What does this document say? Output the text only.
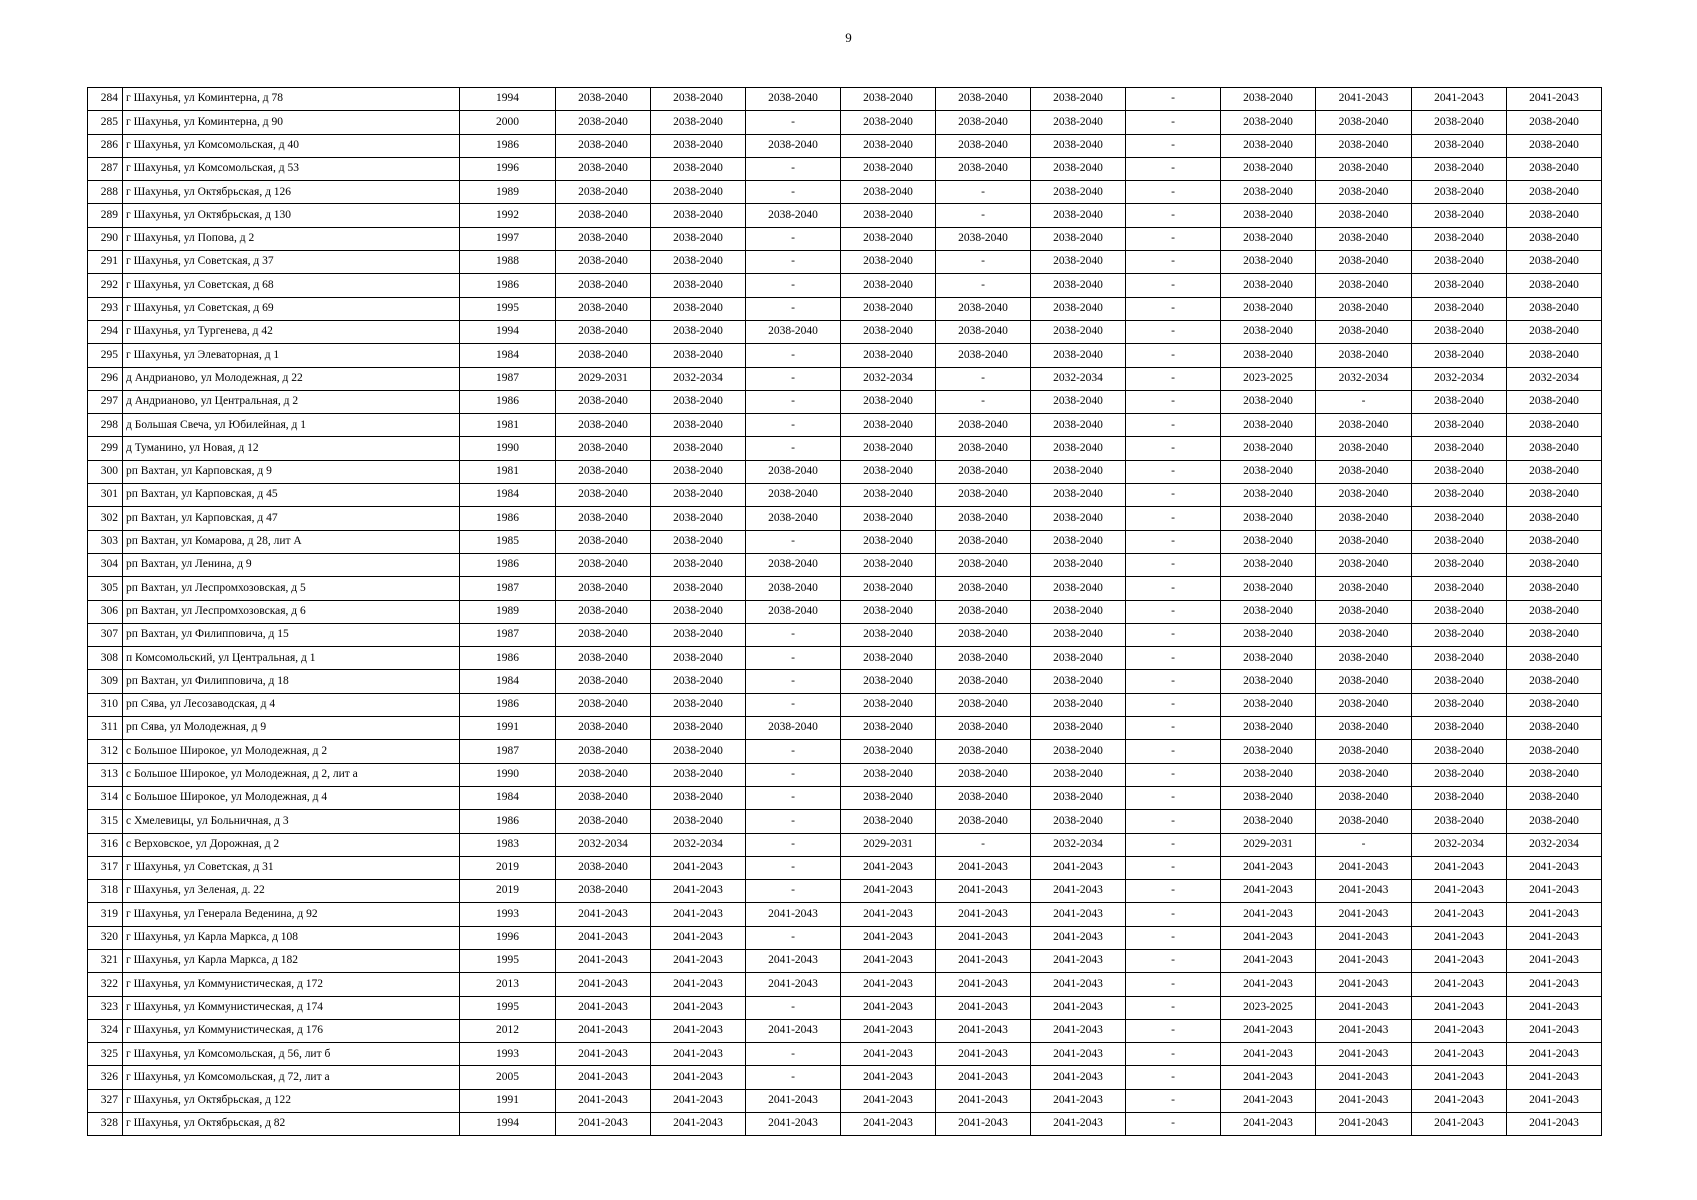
9
284	г Шахунья, ул Коминтерна, д 78	1994	2038-2040	2038-2040	2038-2040	2038-2040	2038-2040	2038-2040	-	2038-2040	2041-2043	2041-2043	2041-2043
285	г Шахунья, ул Коминтерна, д 90	2000	2038-2040	2038-2040	-	2038-2040	2038-2040	2038-2040	-	2038-2040	2038-2040	2038-2040	2038-2040
286	г Шахунья, ул Комсомольская, д 40	1986	2038-2040	2038-2040	2038-2040	2038-2040	2038-2040	2038-2040	-	2038-2040	2038-2040	2038-2040	2038-2040
287	г Шахунья, ул Комсомольская, д 53	1996	2038-2040	2038-2040	-	2038-2040	2038-2040	2038-2040	-	2038-2040	2038-2040	2038-2040	2038-2040
288	г Шахунья, ул Октябрьская, д 126	1989	2038-2040	2038-2040	-	2038-2040	-	2038-2040	-	2038-2040	2038-2040	2038-2040	2038-2040
289	г Шахунья, ул Октябрьская, д 130	1992	2038-2040	2038-2040	2038-2040	2038-2040	-	2038-2040	-	2038-2040	2038-2040	2038-2040	2038-2040
290	г Шахунья, ул Попова, д 2	1997	2038-2040	2038-2040	-	2038-2040	2038-2040	2038-2040	-	2038-2040	2038-2040	2038-2040	2038-2040
291	г Шахунья, ул Советская, д 37	1988	2038-2040	2038-2040	-	2038-2040	-	2038-2040	-	2038-2040	2038-2040	2038-2040	2038-2040
292	г Шахунья, ул Советская, д 68	1986	2038-2040	2038-2040	-	2038-2040	-	2038-2040	-	2038-2040	2038-2040	2038-2040	2038-2040
293	г Шахунья, ул Советская, д 69	1995	2038-2040	2038-2040	-	2038-2040	2038-2040	2038-2040	-	2038-2040	2038-2040	2038-2040	2038-2040
294	г Шахунья, ул Тургенева, д 42	1994	2038-2040	2038-2040	2038-2040	2038-2040	2038-2040	2038-2040	-	2038-2040	2038-2040	2038-2040	2038-2040
295	г Шахунья, ул Элеваторная, д 1	1984	2038-2040	2038-2040	-	2038-2040	2038-2040	2038-2040	-	2038-2040	2038-2040	2038-2040	2038-2040
296	д Андрианово, ул Молодежная, д 22	1987	2029-2031	2032-2034	-	2032-2034	-	2032-2034	-	2023-2025	2032-2034	2032-2034	2032-2034
297	д Андрианово, ул Центральная, д 2	1986	2038-2040	2038-2040	-	2038-2040	-	2038-2040	-	2038-2040	-	2038-2040	2038-2040
298	д Большая Свеча, ул Юбилейная, д 1	1981	2038-2040	2038-2040	-	2038-2040	2038-2040	2038-2040	-	2038-2040	2038-2040	2038-2040	2038-2040
299	д Туманино, ул Новая, д 12	1990	2038-2040	2038-2040	-	2038-2040	2038-2040	2038-2040	-	2038-2040	2038-2040	2038-2040	2038-2040
300	рп Вахтан, ул Карповская, д 9	1981	2038-2040	2038-2040	2038-2040	2038-2040	2038-2040	2038-2040	-	2038-2040	2038-2040	2038-2040	2038-2040
301	рп Вахтан, ул Карповская, д 45	1984	2038-2040	2038-2040	2038-2040	2038-2040	2038-2040	2038-2040	-	2038-2040	2038-2040	2038-2040	2038-2040
302	рп Вахтан, ул Карповская, д 47	1986	2038-2040	2038-2040	2038-2040	2038-2040	2038-2040	2038-2040	-	2038-2040	2038-2040	2038-2040	2038-2040
303	рп Вахтан, ул Комарова, д 28, лит А	1985	2038-2040	2038-2040	-	2038-2040	2038-2040	2038-2040	-	2038-2040	2038-2040	2038-2040	2038-2040
304	рп Вахтан, ул Ленина, д 9	1986	2038-2040	2038-2040	2038-2040	2038-2040	2038-2040	2038-2040	-	2038-2040	2038-2040	2038-2040	2038-2040
305	рп Вахтан, ул Леспромхозовская, д 5	1987	2038-2040	2038-2040	2038-2040	2038-2040	2038-2040	2038-2040	-	2038-2040	2038-2040	2038-2040	2038-2040
306	рп Вахтан, ул Леспромхозовская, д 6	1989	2038-2040	2038-2040	2038-2040	2038-2040	2038-2040	2038-2040	-	2038-2040	2038-2040	2038-2040	2038-2040
307	рп Вахтан, ул Филипповича, д 15	1987	2038-2040	2038-2040	-	2038-2040	2038-2040	2038-2040	-	2038-2040	2038-2040	2038-2040	2038-2040
308	п Комсомольский, ул Центральная, д 1	1986	2038-2040	2038-2040	-	2038-2040	2038-2040	2038-2040	-	2038-2040	2038-2040	2038-2040	2038-2040
309	рп Вахтан, ул Филипповича, д 18	1984	2038-2040	2038-2040	-	2038-2040	2038-2040	2038-2040	-	2038-2040	2038-2040	2038-2040	2038-2040
310	рп Сява, ул Лесозаводская, д 4	1986	2038-2040	2038-2040	-	2038-2040	2038-2040	2038-2040	-	2038-2040	2038-2040	2038-2040	2038-2040
311	рп Сява, ул Молодежная, д 9	1991	2038-2040	2038-2040	2038-2040	2038-2040	2038-2040	2038-2040	-	2038-2040	2038-2040	2038-2040	2038-2040
312	с Большое Широкое, ул Молодежная, д 2	1987	2038-2040	2038-2040	-	2038-2040	2038-2040	2038-2040	-	2038-2040	2038-2040	2038-2040	2038-2040
313	с Большое Широкое, ул Молодежная, д 2, лит а	1990	2038-2040	2038-2040	-	2038-2040	2038-2040	2038-2040	-	2038-2040	2038-2040	2038-2040	2038-2040
314	с Большое Широкое, ул Молодежная, д 4	1984	2038-2040	2038-2040	-	2038-2040	2038-2040	2038-2040	-	2038-2040	2038-2040	2038-2040	2038-2040
315	с Хмелевицы, ул Больничная, д 3	1986	2038-2040	2038-2040	-	2038-2040	2038-2040	2038-2040	-	2038-2040	2038-2040	2038-2040	2038-2040
316	с Верховское, ул Дорожная, д 2	1983	2032-2034	2032-2034	-	2029-2031	-	2032-2034	-	2029-2031	-	2032-2034	2032-2034
317	г Шахунья, ул Советская, д 31	2019	2038-2040	2041-2043	-	2041-2043	2041-2043	2041-2043	-	2041-2043	2041-2043	2041-2043	2041-2043
318	г Шахунья, ул Зеленая, д. 22	2019	2038-2040	2041-2043	-	2041-2043	2041-2043	2041-2043	-	2041-2043	2041-2043	2041-2043	2041-2043
319	г Шахунья, ул Генерала Веденина, д 92	1993	2041-2043	2041-2043	2041-2043	2041-2043	2041-2043	2041-2043	-	2041-2043	2041-2043	2041-2043	2041-2043
320	г Шахунья, ул Карла Маркса, д 108	1996	2041-2043	2041-2043	-	2041-2043	2041-2043	2041-2043	-	2041-2043	2041-2043	2041-2043	2041-2043
321	г Шахунья, ул Карла Маркса, д 182	1995	2041-2043	2041-2043	2041-2043	2041-2043	2041-2043	2041-2043	-	2041-2043	2041-2043	2041-2043	2041-2043
322	г Шахунья, ул Коммунистическая, д 172	2013	2041-2043	2041-2043	2041-2043	2041-2043	2041-2043	2041-2043	-	2041-2043	2041-2043	2041-2043	2041-2043
323	г Шахунья, ул Коммунистическая, д 174	1995	2041-2043	2041-2043	-	2041-2043	2041-2043	2041-2043	-	2023-2025	2041-2043	2041-2043	2041-2043
324	г Шахунья, ул Коммунистическая, д 176	2012	2041-2043	2041-2043	2041-2043	2041-2043	2041-2043	2041-2043	-	2041-2043	2041-2043	2041-2043	2041-2043
325	г Шахунья, ул Комсомольская, д 56, лит б	1993	2041-2043	2041-2043	-	2041-2043	2041-2043	2041-2043	-	2041-2043	2041-2043	2041-2043	2041-2043
326	г Шахунья, ул Комсомольская, д 72, лит а	2005	2041-2043	2041-2043	-	2041-2043	2041-2043	2041-2043	-	2041-2043	2041-2043	2041-2043	2041-2043
327	г Шахунья, ул Октябрьская, д 122	1991	2041-2043	2041-2043	2041-2043	2041-2043	2041-2043	2041-2043	-	2041-2043	2041-2043	2041-2043	2041-2043
328	г Шахунья, ул Октябрьская, д 82	1994	2041-2043	2041-2043	2041-2043	2041-2043	2041-2043	2041-2043	-	2041-2043	2041-2043	2041-2043	2041-2043
